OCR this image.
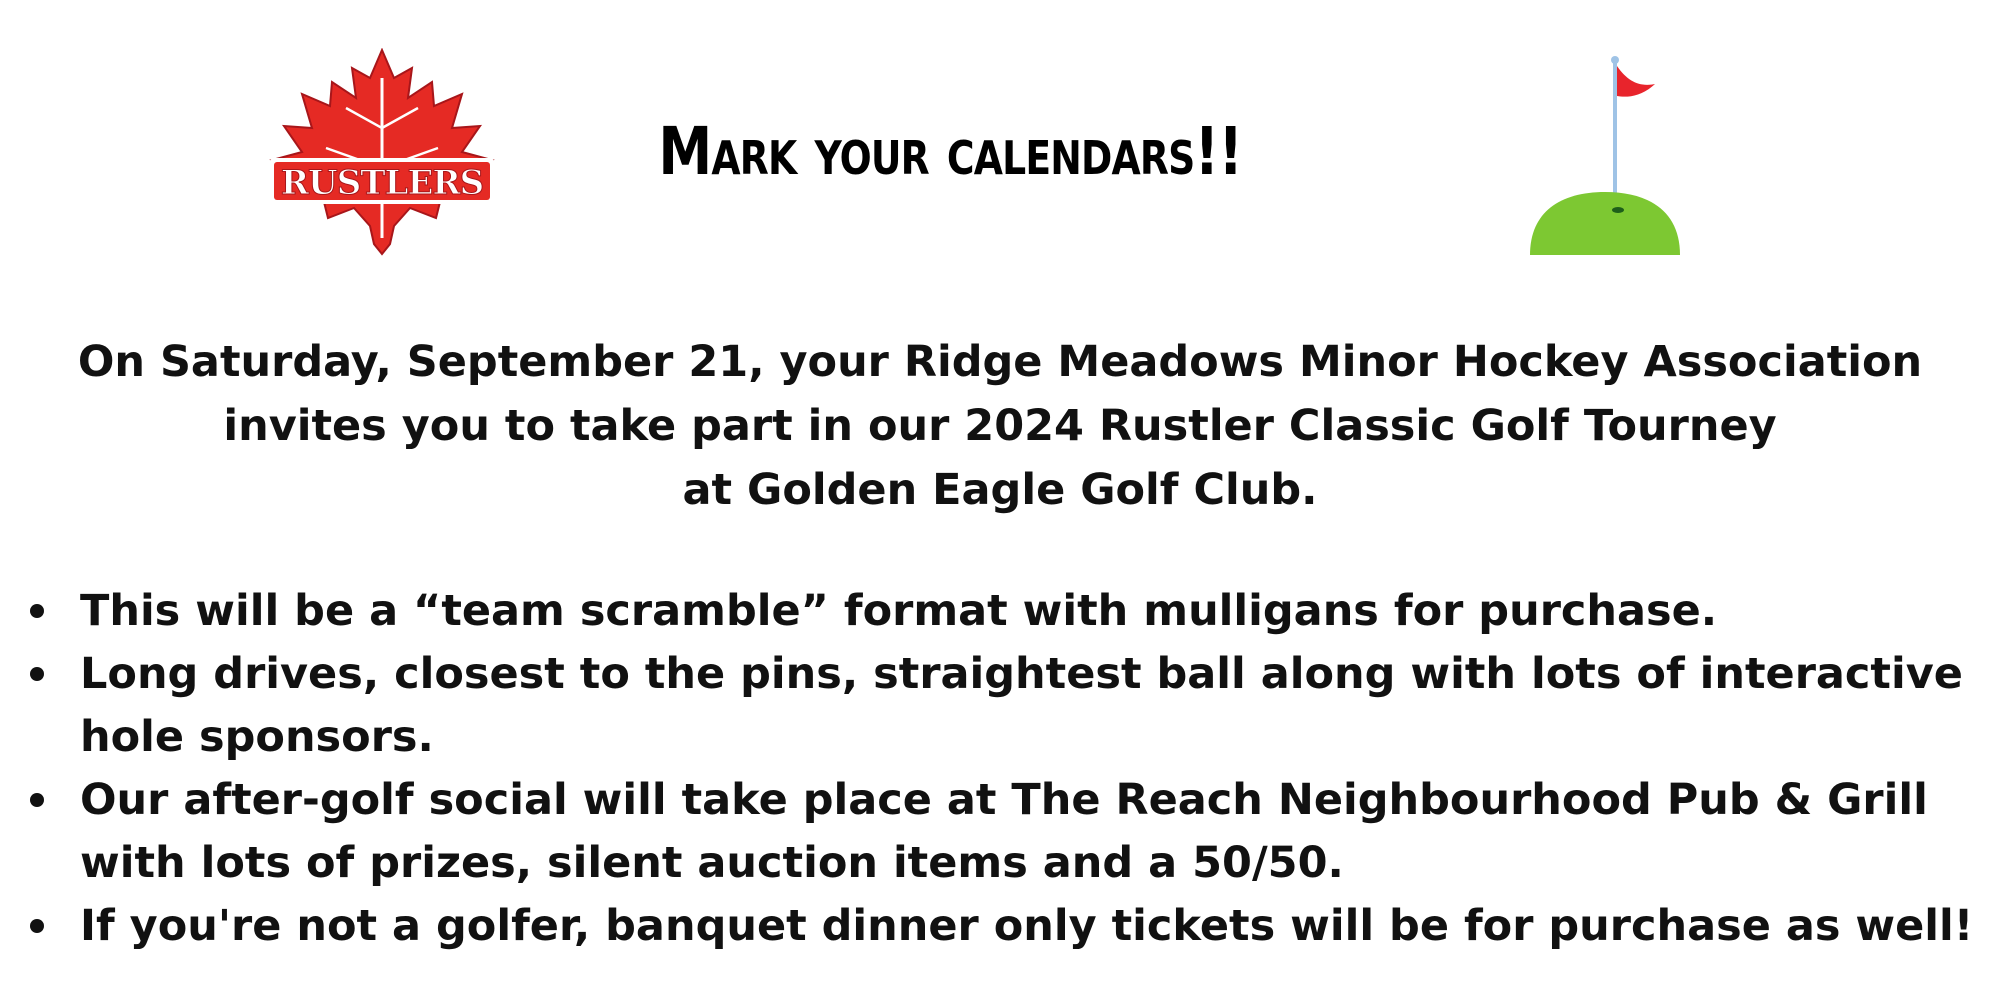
RUSTLERS	Mark your calendars!!
On Saturday, September 21, your Ridge Meadows Minor Hockey Association
invites you to take part in our 2024 Rustler Classic Golf Tourney
at Golden Eagle Golf Club.
This will be a “team scramble” format with mulligans for purchase.
Long drives, closest to the pins, straightest ball along with lots of interactive hole sponsors.
Our after-golf social will take place at The Reach Neighbourhood Pub & Grill with lots of prizes, silent auction items and a 50/50.
If you're not a golfer, banquet dinner only tickets will be for purchase as well!
